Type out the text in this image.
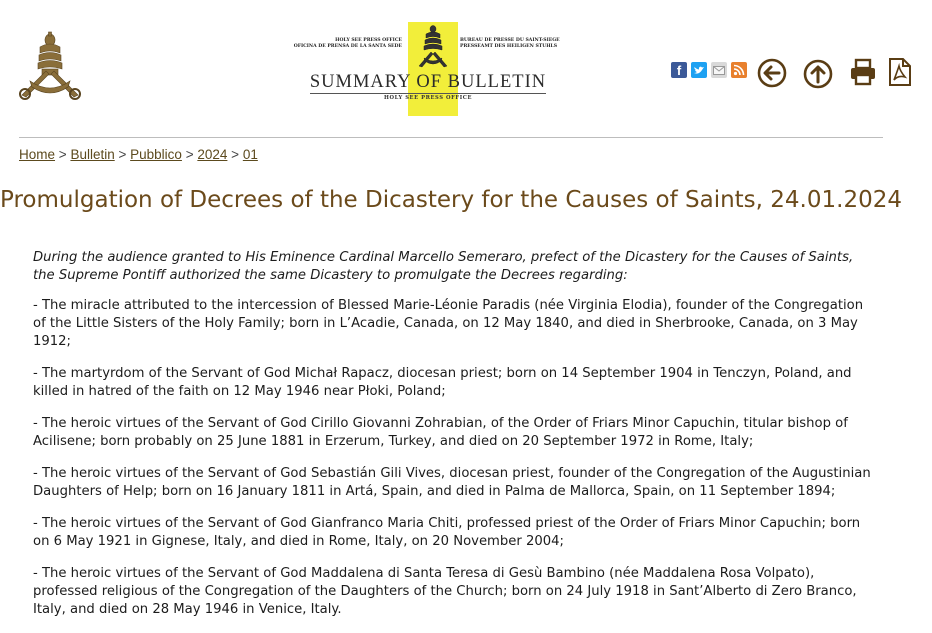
HOLY SEE PRESS OFFICE
OFICINA DE PRENSA DE LA SANTA SEDE
BUREAU DE PRESSE DU SAINT-SIEGE
PRESSEAMT DES HEILIGEN STUHLS
SUMMARY OF BULLETIN
HOLY SEE PRESS OFFICE
f
Home > Bulletin > Pubblico > 2024 > 01
Promulgation of Decrees of the Dicastery for the Causes of Saints, 24.01.2024

During the audience granted to His Eminence Cardinal Marcello Semeraro, prefect of the Dicastery for the Causes of Saints, the Supreme Pontiff authorized the same Dicastery to promulgate the Decrees regarding:

- The miracle attributed to the intercession of Blessed Marie-Léonie Paradis (née Virginia Elodia), founder of the Congregation of the Little Sisters of the Holy Family; born in L’Acadie, Canada, on 12 May 1840, and died in Sherbrooke, Canada, on 3 May 1912;

- The martyrdom of the Servant of God Michał Rapacz, diocesan priest; born on 14 September 1904 in Tenczyn, Poland, and killed in hatred of the faith on 12 May 1946 near Płoki, Poland;

- The heroic virtues of the Servant of God Cirillo Giovanni Zohrabian, of the Order of Friars Minor Capuchin, titular bishop of Acilisene; born probably on 25 June 1881 in Erzerum, Turkey, and died on 20 September 1972 in Rome, Italy;

- The heroic virtues of the Servant of God Sebastián Gili Vives, diocesan priest, founder of the Congregation of the Augustinian Daughters of Help; born on 16 January 1811 in Artá, Spain, and died in Palma de Mallorca, Spain, on 11 September 1894;

- The heroic virtues of the Servant of God Gianfranco Maria Chiti, professed priest of the Order of Friars Minor Capuchin; born on 6 May 1921 in Gignese, Italy, and died in Rome, Italy, on 20 November 2004;

- The heroic virtues of the Servant of God Maddalena di Santa Teresa di Gesù Bambino (née Maddalena Rosa Volpato), professed religious of the Congregation of the Daughters of the Church; born on 24 July 1918 in Sant’Alberto di Zero Branco, Italy, and died on 28 May 1946 in Venice, Italy.
